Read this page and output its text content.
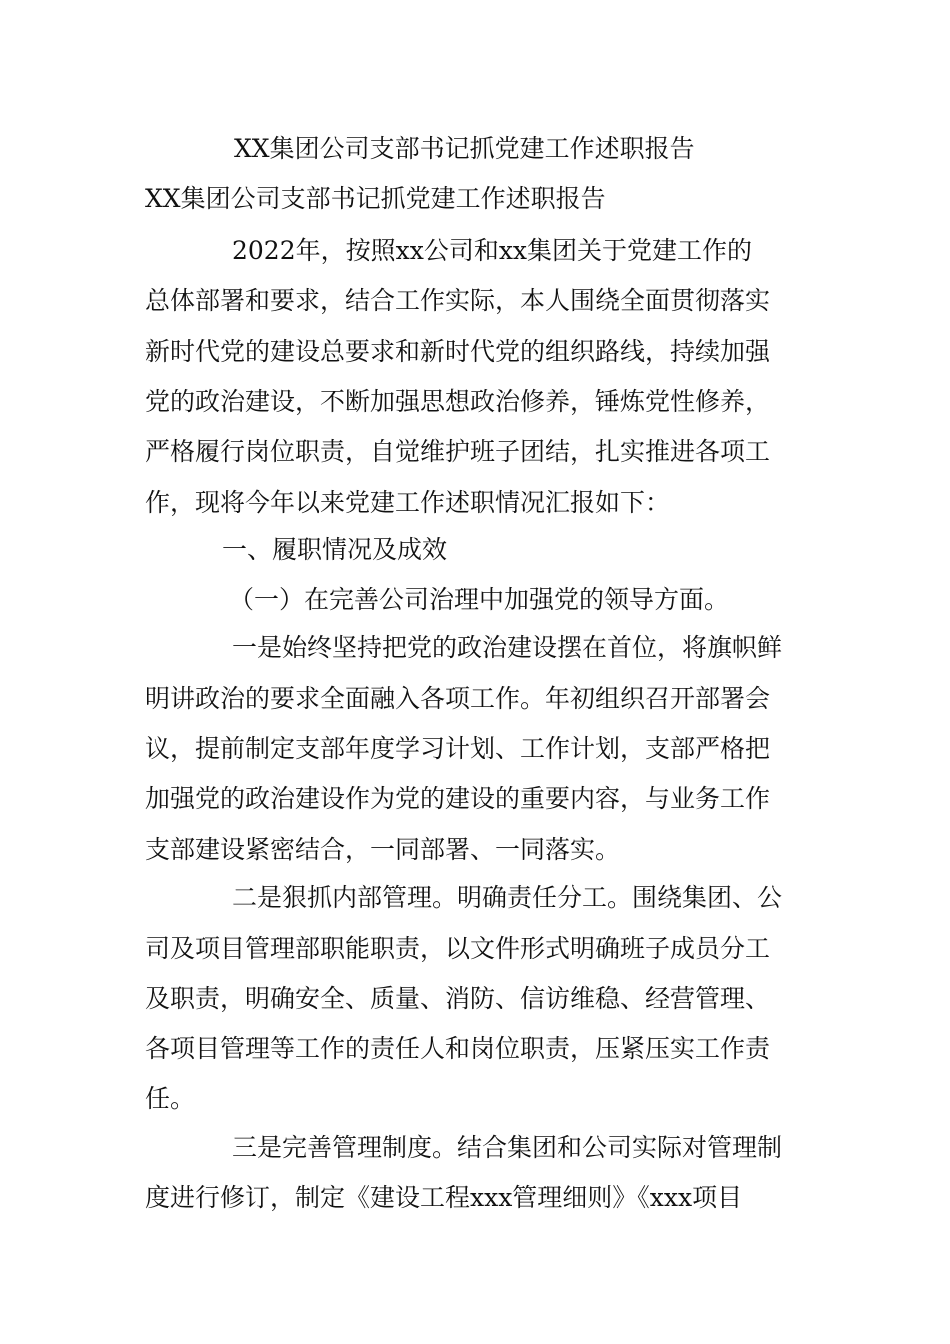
XX集团公司支部书记抓党建工作述职报告
XX集团公司支部书记抓党建工作述职报告
2022年，按照xx公司和xx集团关于党建工作的
总体部署和要求，结合工作实际，本人围绕全面贯彻落实
新时代党的建设总要求和新时代党的组织路线，持续加强
党的政治建设，不断加强思想政治修养，锤炼党性修养，
严格履行岗位职责，自觉维护班子团结，扎实推进各项工
作，现将今年以来党建工作述职情况汇报如下：
一、履职情况及成效
（一）在完善公司治理中加强党的领导方面。
一是始终坚持把党的政治建设摆在首位，将旗帜鲜
明讲政治的要求全面融入各项工作。年初组织召开部署会
议，提前制定支部年度学习计划、工作计划，支部严格把
加强党的政治建设作为党的建设的重要内容，与业务工作
支部建设紧密结合，一同部署、一同落实。
二是狠抓内部管理。明确责任分工。围绕集团、公
司及项目管理部职能职责，以文件形式明确班子成员分工
及职责，明确安全、质量、消防、信访维稳、经营管理、
各项目管理等工作的责任人和岗位职责，压紧压实工作责
任。
三是完善管理制度。结合集团和公司实际对管理制
度进行修订，制定《建设工程xxx管理细则》《xxx项目
